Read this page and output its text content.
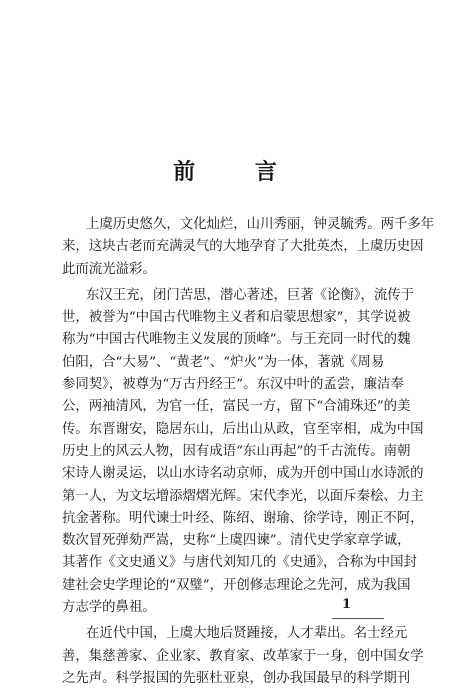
前 言
上虞历史悠久，文化灿烂，山川秀丽，钟灵毓秀。两千多年
来，这块古老而充满灵气的大地孕育了大批英杰，上虞历史因
此而流光溢彩。
东汉王充，闭门苦思，潜心著述，巨著《论衡》，流传于
世，被誉为“中国古代唯物主义者和启蒙思想家”，其学说被
称为“中国古代唯物主义发展的顶峰”。与王充同一时代的魏
伯阳，合“大易”、“黄老”、“炉火”为一体，著就《周易
参同契》，被尊为“万古丹经王”。东汉中叶的孟尝，廉洁奉
公，两袖清风，为官一任，富民一方，留下“合浦珠还”的美
传。东晋谢安，隐居东山，后出山从政，官至宰相，成为中国
历史上的风云人物，因有成语“东山再起”的千古流传。南朝
宋诗人谢灵运，以山水诗名动京师，成为开创中国山水诗派的
第一人，为文坛增添熠熠光辉。宋代李光，以面斥秦桧、力主
抗金著称。明代谏士叶经、陈绍、谢瑜、徐学诗，刚正不阿，
数次冒死弹劾严嵩，史称“上虞四谏”。清代史学家章学诚，
其著作《文史通义》与唐代刘知几的《史通》，合称为中国封
建社会史学理论的“双璧”，开创修志理论之先河，成为我国
方志学的鼻祖。
在近代中国，上虞大地后贤踵接，人才辈出。名士经元
善，集慈善家、企业家、教育家、改革家于一身，创中国女学
之先声。科学报国的先驱杜亚泉，创办我国最早的科学期刊
1
